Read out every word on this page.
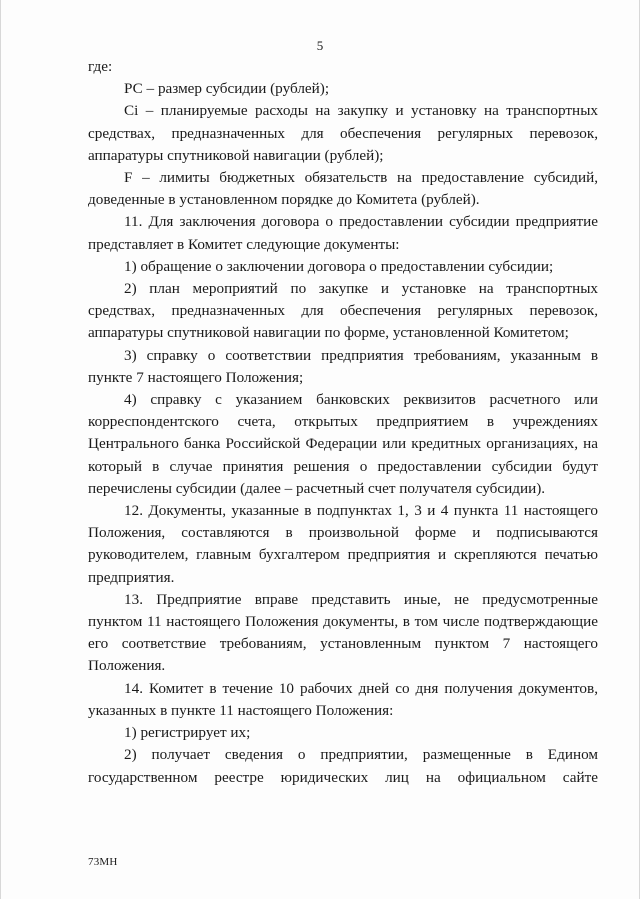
5

где:

РС – размер субсидии (рублей);

Ci – планируемые расходы на закупку и установку на транспортных средствах, предназначенных для обеспечения регулярных перевозок, аппаратуры спутниковой навигации (рублей);

F – лимиты бюджетных обязательств на предоставление субсидий, доведенные в установленном порядке до Комитета (рублей).

11. Для заключения договора о предоставлении субсидии предприятие представляет в Комитет следующие документы:

1) обращение о заключении договора о предоставлении субсидии;

2) план мероприятий по закупке и установке на транспортных средствах, предназначенных для обеспечения регулярных перевозок, аппаратуры спутниковой навигации по форме, установленной Комитетом;

3) справку о соответствии предприятия требованиям, указанным в пункте 7 настоящего Положения;

4) справку с указанием банковских реквизитов расчетного или корреспондентского счета, открытых предприятием в учреждениях Центрального банка Российской Федерации или кредитных организациях, на который в случае принятия решения о предоставлении субсидии будут перечислены субсидии (далее – расчетный счет получателя субсидии).

12. Документы, указанные в подпунктах 1, 3 и 4 пункта 11 настоящего Положения, составляются в произвольной форме и подписываются руководителем, главным бухгалтером предприятия и скрепляются печатью предприятия.

13. Предприятие вправе представить иные, не предусмотренные пунктом 11 настоящего Положения документы, в том числе подтверждающие его соответствие требованиям, установленным пунктом 7 настоящего Положения.

14. Комитет в течение 10 рабочих дней со дня получения документов, указанных в пункте 11 настоящего Положения:

1) регистрирует их;

2) получает сведения о предприятии, размещенные в Едином государственном реестре юридических лиц на официальном сайте

73МН
